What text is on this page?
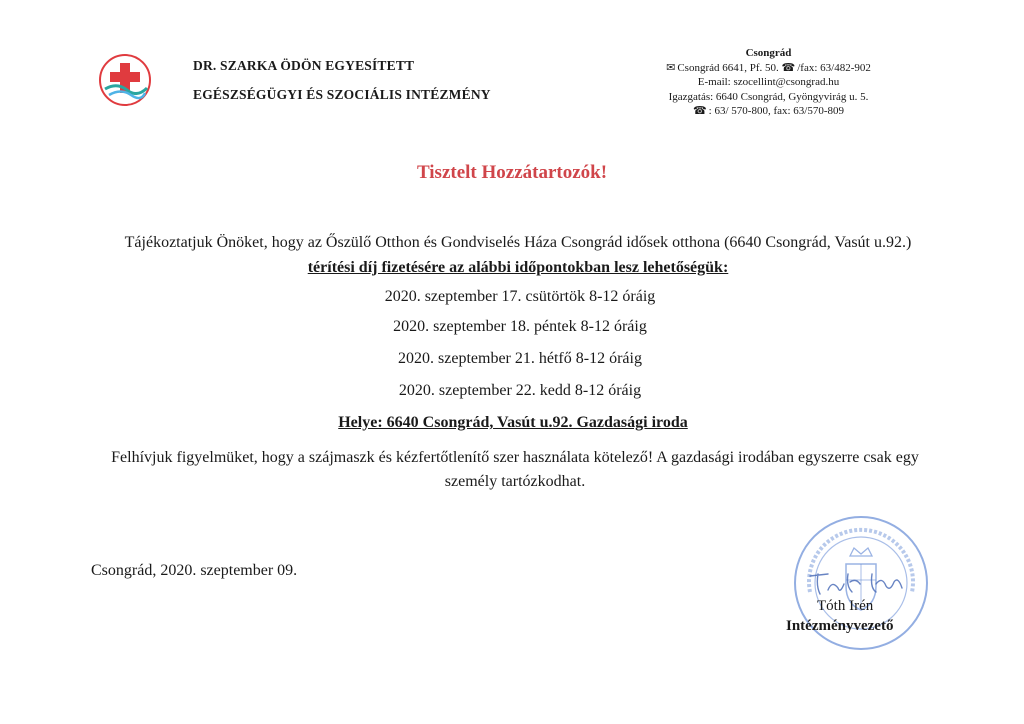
DR. SZARKA ÖDÖN EGYESÍTETT
EGÉSZSÉGÜGYI ÉS SZOCIÁLIS INTÉZMÉNY
Csongrád
✉ Csongrád 6641, Pf. 50. ☎ /fax: 63/482-902
E-mail: szocellint@csongrad.hu
Igazgatás: 6640 Csongrád, Gyöngyvirág u. 5.
☎ : 63/ 570-800, fax: 63/570-809
Tisztelt Hozzátartozók!
Tájékoztatjuk Önöket, hogy az Őszülő Otthon és Gondviselés Háza Csongrád idősek otthona (6640 Csongrád, Vasút u.92.) térítési díj fizetésére az alábbi időpontokban lesz lehetőségük:
2020. szeptember 17. csütörtök 8-12 óráig
2020. szeptember 18. péntek 8-12 óráig
2020. szeptember 21. hétfő 8-12 óráig
2020. szeptember 22. kedd 8-12 óráig
Helye: 6640 Csongrád, Vasút u.92. Gazdasági iroda
Felhívjuk figyelmüket, hogy a szájmaszk és kézfertőtlenítő szer használata kötelező! A gazdasági irodában egyszerre csak egy személy tartózkodhat.
Csongrád, 2020. szeptember 09.
Tóth Irén
Intézményvezető
